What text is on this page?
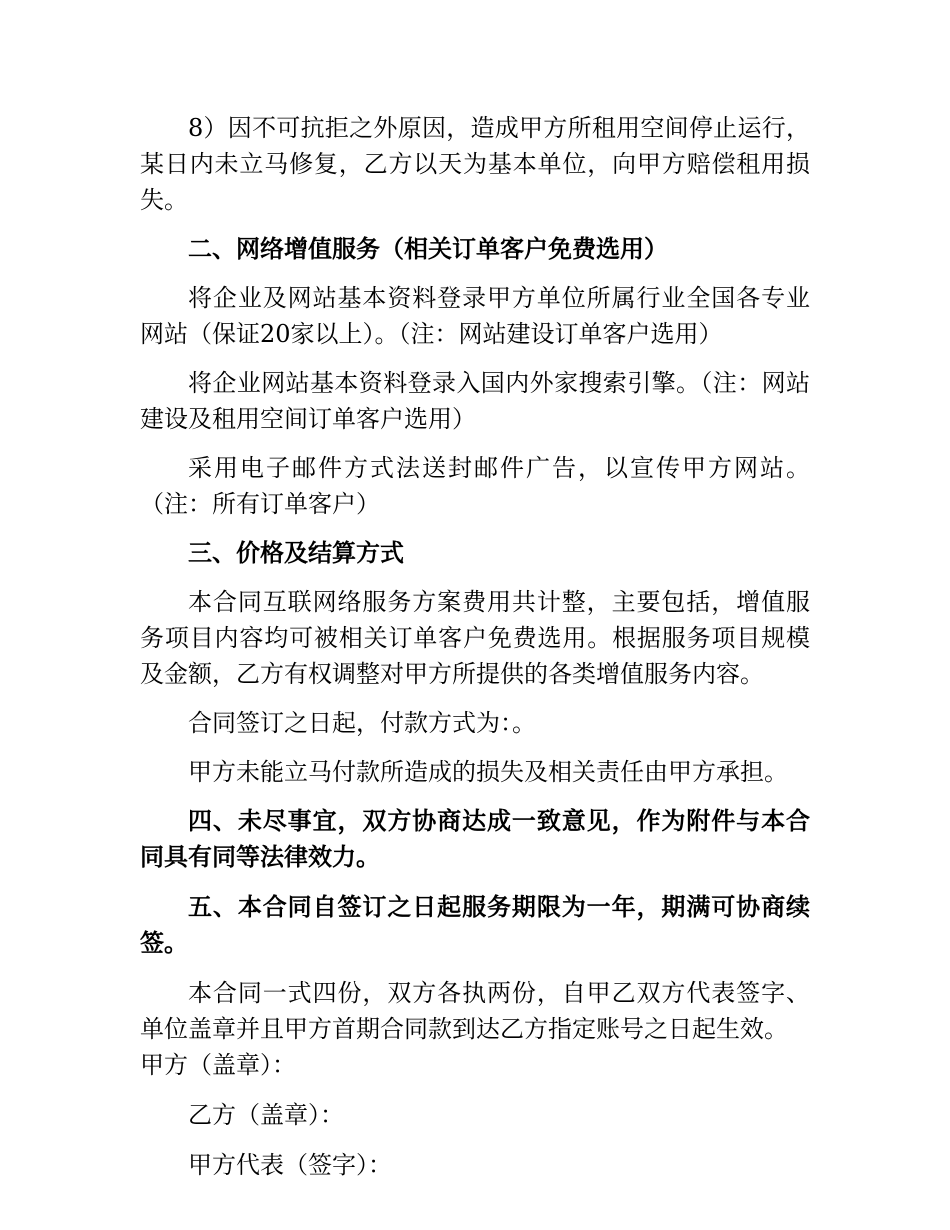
8）因不可抗拒之外原因，造成甲方所租用空间停止运行，某日内未立马修复，乙方以天为基本单位，向甲方赔偿租用损失。

二、网络增值服务（相关订单客户免费选用）

将企业及网站基本资料登录甲方单位所属行业全国各专业网站（保证20家以上）。（注：网站建设订单客户选用）

将企业网站基本资料登录入国内外家搜索引擎。（注：网站建设及租用空间订单客户选用）

采用电子邮件方式法送封邮件广告，以宣传甲方网站。（注：所有订单客户）

三、价格及结算方式

本合同互联网络服务方案费用共计整，主要包括，增值服务项目内容均可被相关订单客户免费选用。根据服务项目规模及金额，乙方有权调整对甲方所提供的各类增值服务内容。

合同签订之日起，付款方式为：。

甲方未能立马付款所造成的损失及相关责任由甲方承担。

四、未尽事宜，双方协商达成一致意见，作为附件与本合同具有同等法律效力。

五、本合同自签订之日起服务期限为一年，期满可协商续签。

本合同一式四份，双方各执两份，自甲乙双方代表签字、单位盖章并且甲方首期合同款到达乙方指定账号之日起生效。

甲方（盖章）：

乙方（盖章）：

甲方代表（签字）：
